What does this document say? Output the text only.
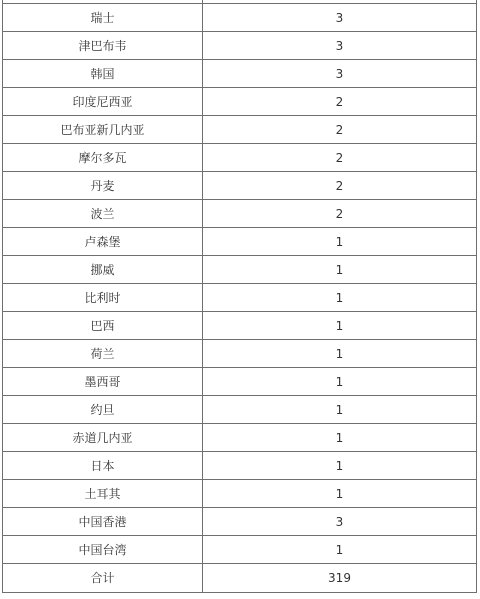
瑞士	3
津巴布韦	3
韩国	3
印度尼西亚	2
巴布亚新几内亚	2
摩尔多瓦	2
丹麦	2
波兰	2
卢森堡	1
挪威	1
比利时	1
巴西	1
荷兰	1
墨西哥	1
约旦	1
赤道几内亚	1
日本	1
土耳其	1
中国香港	3
中国台湾	1
合计	319
